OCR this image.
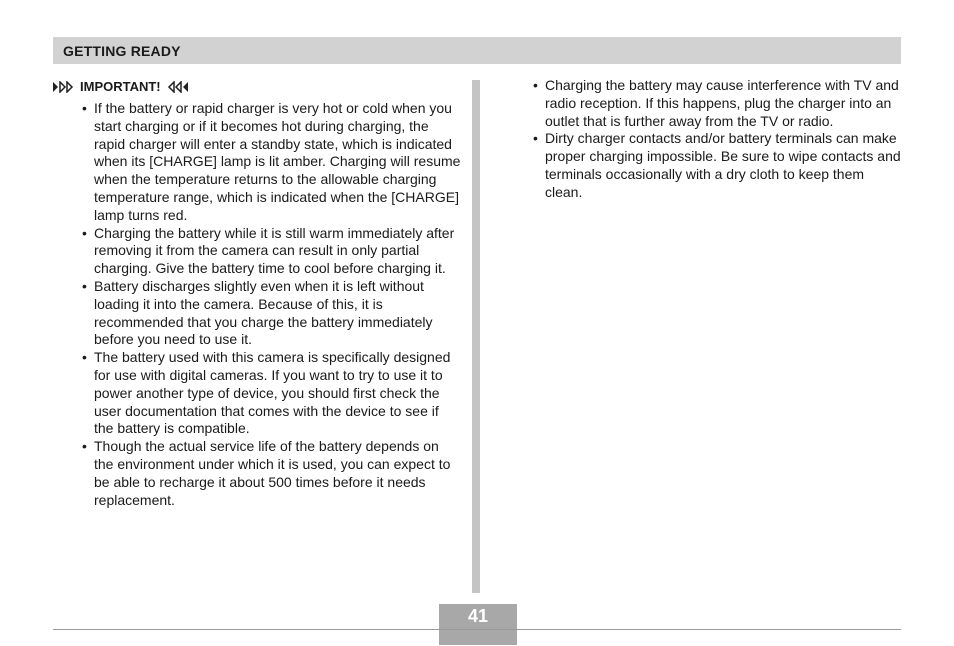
GETTING READY
IMPORTANT!
• If the battery or rapid charger is very hot or cold when you start charging or if it becomes hot during charging, the rapid charger will enter a standby state, which is indicated when its [CHARGE] lamp is lit amber. Charging will resume when the temperature returns to the allowable charging temperature range, which is indicated when the [CHARGE] lamp turns red.
• Charging the battery while it is still warm immediately after removing it from the camera can result in only partial charging. Give the battery time to cool before charging it.
• Battery discharges slightly even when it is left without loading it into the camera. Because of this, it is recommended that you charge the battery immediately before you need to use it.
• The battery used with this camera is specifically designed for use with digital cameras. If you want to try to use it to power another type of device, you should first check the user documentation that comes with the device to see if the battery is compatible.
• Though the actual service life of the battery depends on the environment under which it is used, you can expect to be able to recharge it about 500 times before it needs replacement.
• Charging the battery may cause interference with TV and radio reception. If this happens, plug the charger into an outlet that is further away from the TV or radio.
• Dirty charger contacts and/or battery terminals can make proper charging impossible. Be sure to wipe contacts and terminals occasionally with a dry cloth to keep them clean.
41
